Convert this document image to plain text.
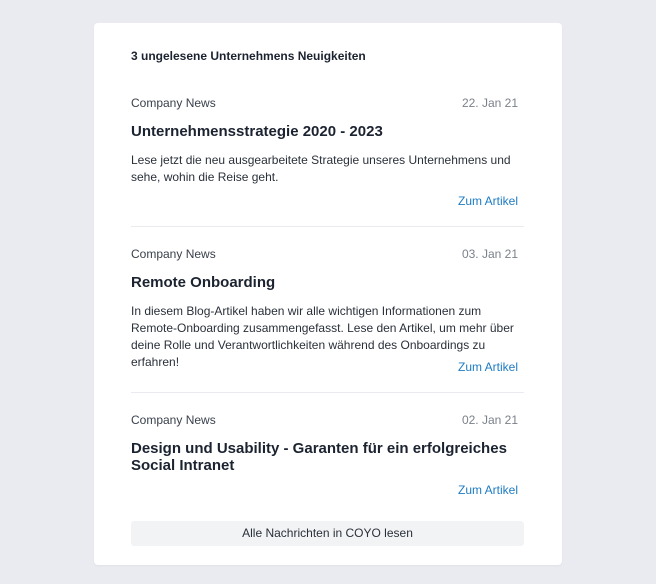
3 ungelesene Unternehmens Neuigkeiten
Company News	22. Jan 21
Unternehmensstrategie 2020 - 2023
Lese jetzt die neu ausgearbeitete Strategie unseres Unternehmens und sehe, wohin die Reise geht.
Zum Artikel
Company News	03. Jan 21
Remote Onboarding
In diesem Blog-Artikel haben wir alle wichtigen Informationen zum Remote-Onboarding zusammengefasst. Lese den Artikel, um mehr über deine Rolle und Verantwortlichkeiten während des Onboardings zu erfahren!	Zum Artikel
Company News	02. Jan 21
Design und Usability - Garanten für ein erfolgreiches Social Intranet
Zum Artikel
Alle Nachrichten in COYO lesen
